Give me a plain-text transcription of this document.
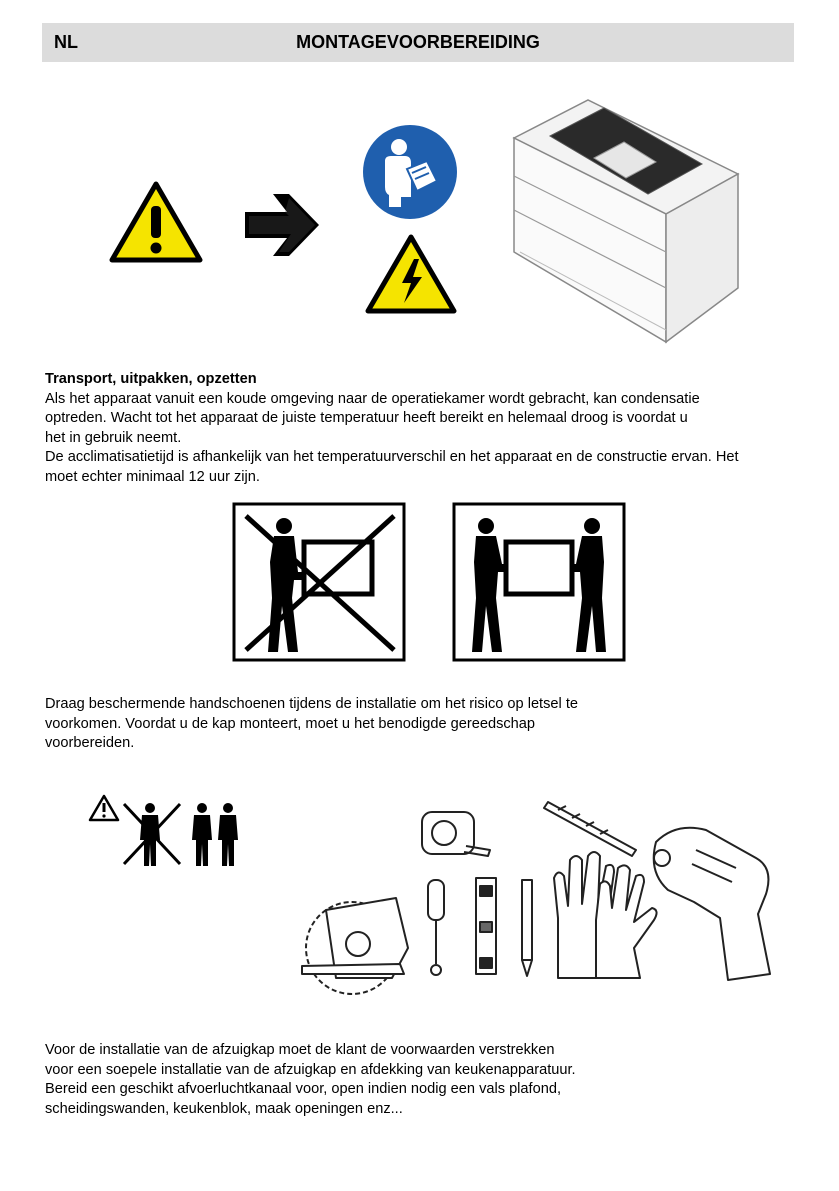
NL	MONTAGEVOORBEREIDING

Transport, uitpakken, opzetten

Als het apparaat vanuit een koude omgeving naar de operatiekamer wordt gebracht, kan condensatie

optreden. Wacht tot het apparaat de juiste temperatuur heeft bereikt en helemaal droog is voordat u

het in gebruik neemt.

De acclimatisatietijd is afhankelijk van het temperatuurverschil en het apparaat en de constructie ervan. Het

moet echter minimaal 12 uur zijn.

Draag beschermende handschoenen tijdens de installatie om het risico op letsel te

voorkomen. Voordat u de kap monteert, moet u het benodigde gereedschap

voorbereiden.

Voor de installatie van de afzuigkap moet de klant de voorwaarden verstrekken

voor een soepele installatie van de afzuigkap en afdekking van keukenapparatuur.

Bereid een geschikt afvoerluchtkanaal voor, open indien nodig een vals plafond,

scheidingswanden, keukenblok, maak openingen enz...
